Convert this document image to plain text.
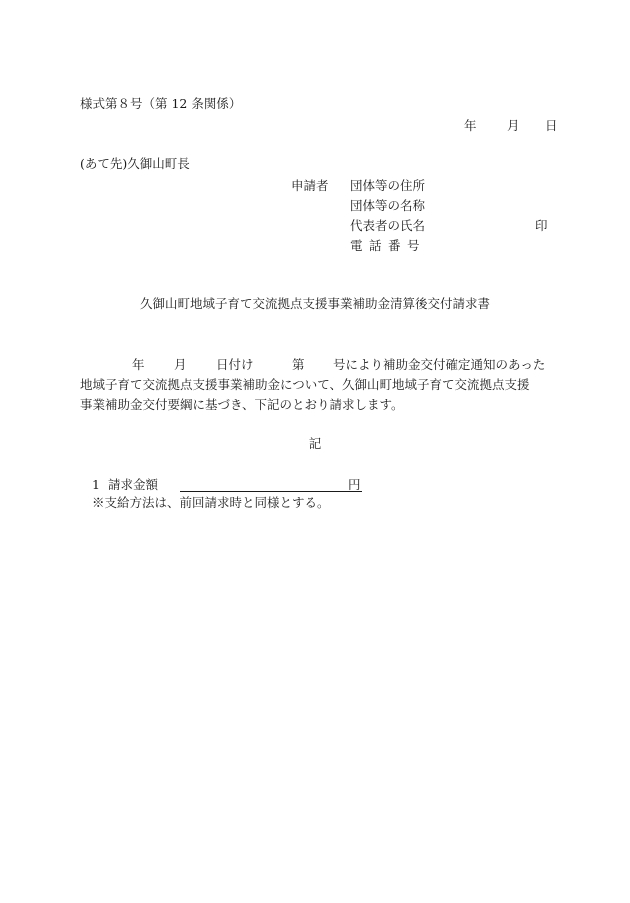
様式第８号（第 12 条関係）
年 月 日
(あて先)久御山町長
申請者 団体等の住所
団体等の名称
代表者の氏名	印
電話番号
久御山町地域子育て交流拠点支援事業補助金清算後交付請求書
年 月 日付け	第 号により補助金交付確定通知のあった
地域子育て交流拠点支援事業補助金について、久御山町地域子育て交流拠点支援
事業補助金交付要綱に基づき、下記のとおり請求します。
記
1 請求金額	円
※支給方法は、前回請求時と同様とする。
